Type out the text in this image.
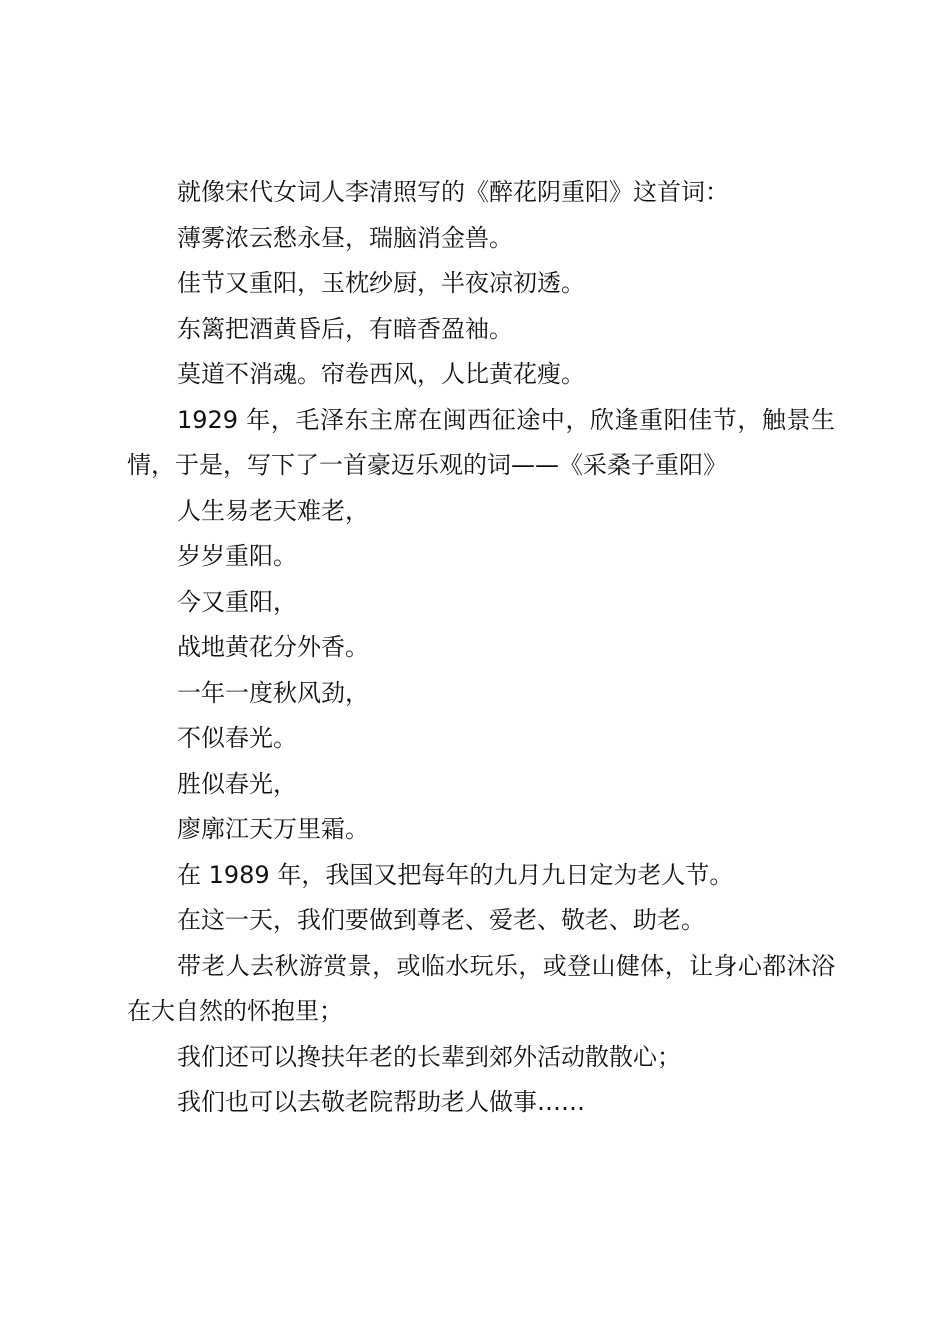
就像宋代女词人李清照写的《醉花阴重阳》这首词：

薄雾浓云愁永昼，瑞脑消金兽。

佳节又重阳，玉枕纱厨，半夜凉初透。

东篱把酒黄昏后，有暗香盈袖。

莫道不消魂。帘卷西风，人比黄花瘦。

1929 年，毛泽东主席在闽西征途中，欣逢重阳佳节，触景生情，于是，写下了一首豪迈乐观的词——《采桑子重阳》

人生易老天难老，

岁岁重阳。

今又重阳，

战地黄花分外香。

一年一度秋风劲，

不似春光。

胜似春光，

廖廓江天万里霜。

在 1989 年，我国又把每年的九月九日定为老人节。

在这一天，我们要做到尊老、爱老、敬老、助老。

带老人去秋游赏景，或临水玩乐，或登山健体，让身心都沐浴在大自然的怀抱里；

我们还可以搀扶年老的长辈到郊外活动散散心；

我们也可以去敬老院帮助老人做事……
